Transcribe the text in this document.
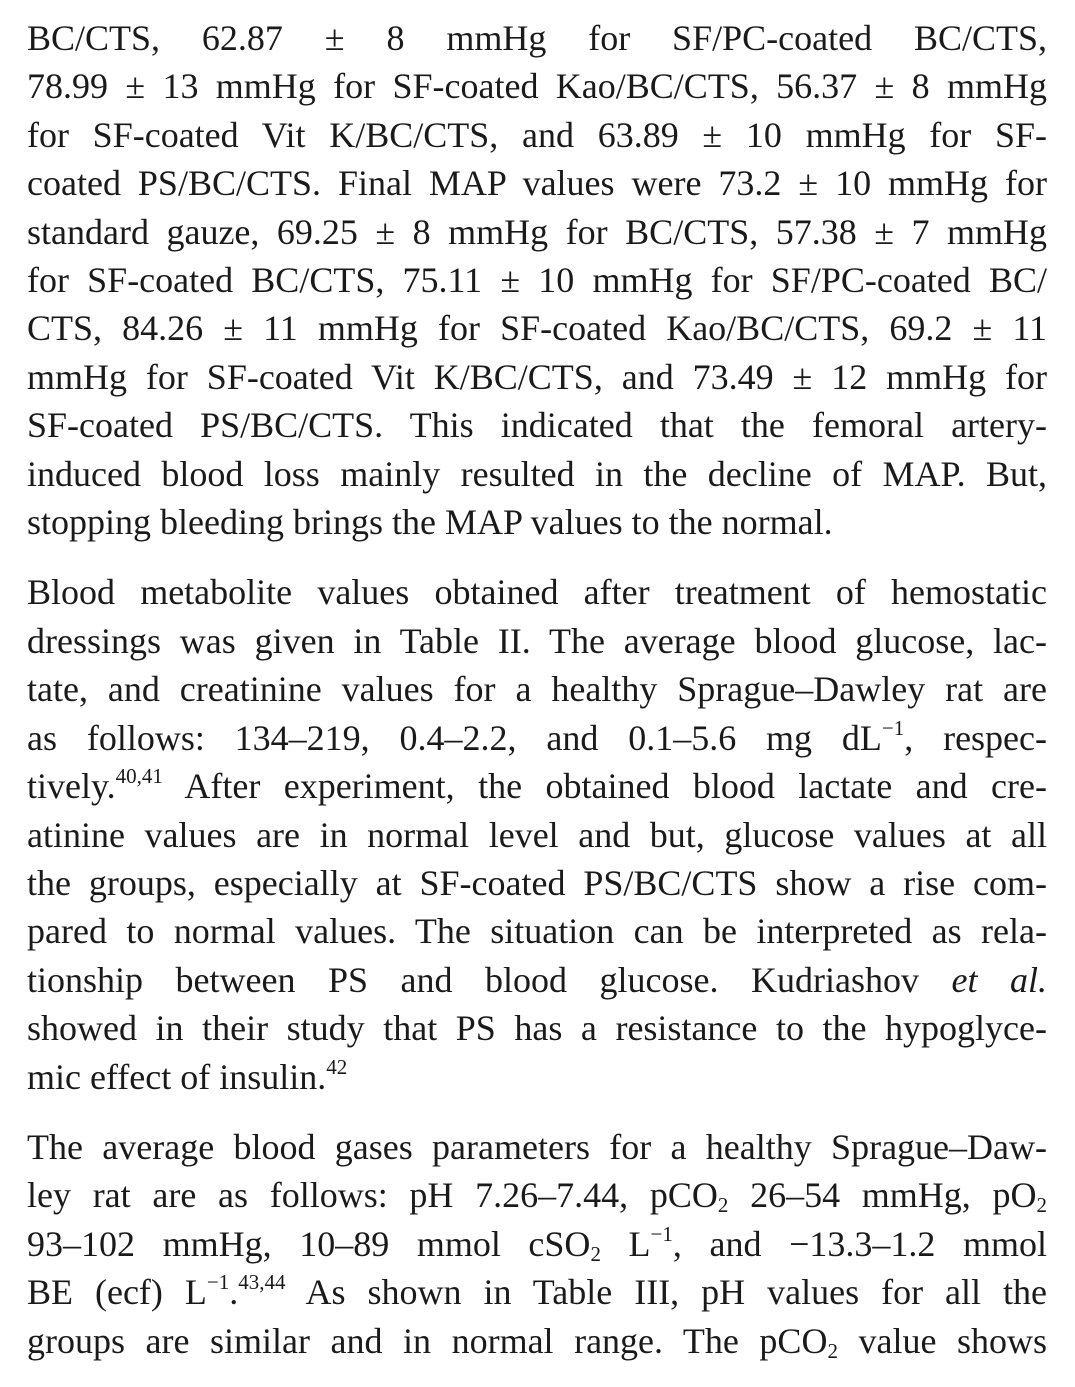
BC/CTS, 62.87 ± 8 mmHg for SF/PC-coated BC/CTS,
78.99 ± 13 mmHg for SF-coated Kao/BC/CTS, 56.37 ± 8 mmHg
for SF-coated Vit K/BC/CTS, and 63.89 ± 10 mmHg for SF-
coated PS/BC/CTS. Final MAP values were 73.2 ± 10 mmHg for
standard gauze, 69.25 ± 8 mmHg for BC/CTS, 57.38 ± 7 mmHg
for SF-coated BC/CTS, 75.11 ± 10 mmHg for SF/PC-coated BC/
CTS, 84.26 ± 11 mmHg for SF-coated Kao/BC/CTS, 69.2 ± 11
mmHg for SF-coated Vit K/BC/CTS, and 73.49 ± 12 mmHg for
SF-coated PS/BC/CTS. This indicated that the femoral artery-
induced blood loss mainly resulted in the decline of MAP. But,
stopping bleeding brings the MAP values to the normal.

Blood metabolite values obtained after treatment of hemostatic
dressings was given in Table II. The average blood glucose, lac-
tate, and creatinine values for a healthy Sprague–Dawley rat are
as follows: 134–219, 0.4–2.2, and 0.1–5.6 mg $dL^{-1}$, respec-
tively.$^{40,41}$ After experiment, the obtained blood lactate and cre-
atinine values are in normal level and but, glucose values at all
the groups, especially at SF-coated PS/BC/CTS show a rise com-
pared to normal values. The situation can be interpreted as rela-
tionship between PS and blood glucose. Kudriashov et al.
showed in their study that PS has a resistance to the hypoglyce-
mic effect of insulin.$^{42}$

The average blood gases parameters for a healthy Sprague–Daw-
ley rat are as follows: pH 7.26–7.44, pCO$_2$ 26–54 mmHg, $pO_2$
93–102 mmHg, 10–89 mmol cSO$_2$ $L^{-1}$, and −13.3–1.2 mmol
BE (ecf) $L^{-1}.^{43,44}$ As shown in Table III, pH values for all the
groups are similar and in normal range. The pCO$_2$ value shows
